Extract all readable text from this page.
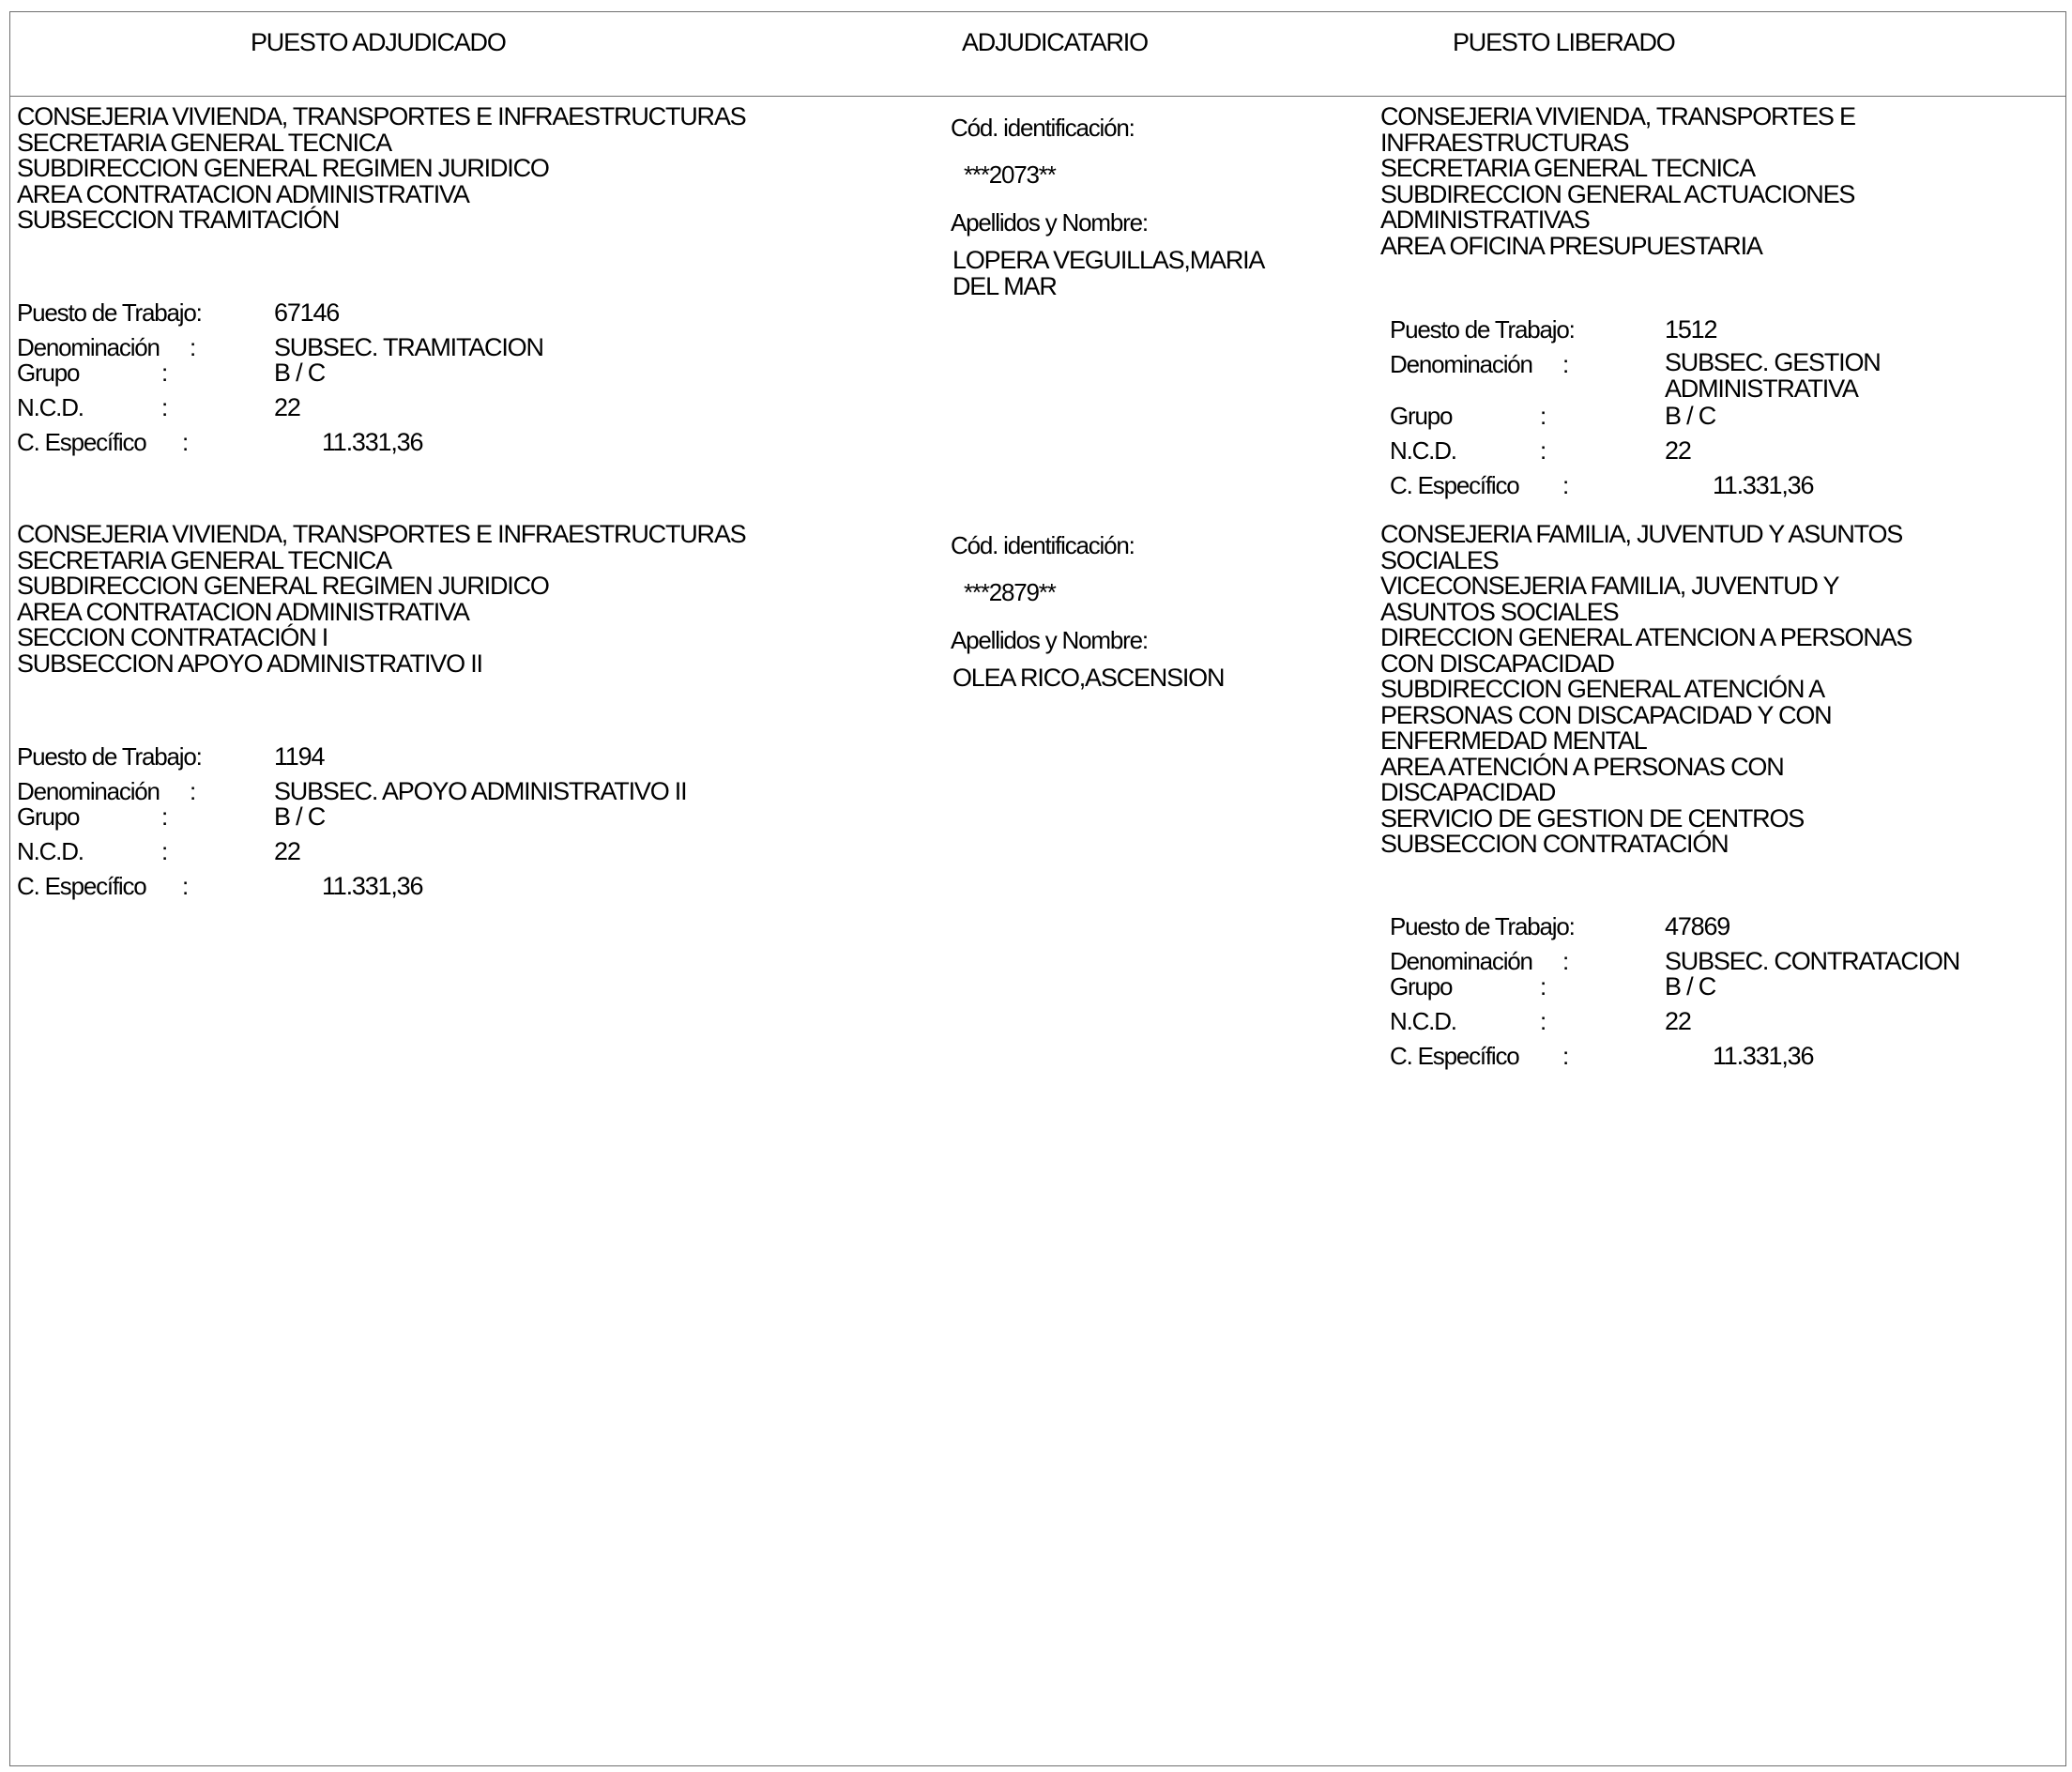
PUESTO ADJUDICADO	ADJUDICATARIO	PUESTO LIBERADO
CONSEJERIA VIVIENDA, TRANSPORTES E INFRAESTRUCTURAS
SECRETARIA GENERAL TECNICA
SUBDIRECCION GENERAL REGIMEN JURIDICO
AREA CONTRATACION ADMINISTRATIVA
SUBSECCION TRAMITACIÓN
Puesto de Trabajo:	67146
Denominación :	SUBSEC. TRAMITACION
Grupo	:	B / C
N.C.D.	:	22
C. Específico :	11.331,36
Cód. identificación:
***2073**
Apellidos y Nombre:
LOPERA VEGUILLAS,MARIA
DEL MAR
CONSEJERIA VIVIENDA, TRANSPORTES E
INFRAESTRUCTURAS
SECRETARIA GENERAL TECNICA
SUBDIRECCION GENERAL ACTUACIONES
ADMINISTRATIVAS
AREA OFICINA PRESUPUESTARIA
Puesto de Trabajo:	1512
Denominación :	SUBSEC. GESTION
ADMINISTRATIVA
Grupo	:	B / C
N.C.D.	:	22
C. Específico :	11.331,36
CONSEJERIA VIVIENDA, TRANSPORTES E INFRAESTRUCTURAS
SECRETARIA GENERAL TECNICA
SUBDIRECCION GENERAL REGIMEN JURIDICO
AREA CONTRATACION ADMINISTRATIVA
SECCION CONTRATACIÓN I
SUBSECCION APOYO ADMINISTRATIVO II
Puesto de Trabajo:	1194
Denominación :	SUBSEC. APOYO ADMINISTRATIVO II
Grupo	:	B / C
N.C.D.	:	22
C. Específico :	11.331,36
Cód. identificación:
***2879**
Apellidos y Nombre:
OLEA RICO,ASCENSION
CONSEJERIA FAMILIA, JUVENTUD Y ASUNTOS
SOCIALES
VICECONSEJERIA FAMILIA, JUVENTUD Y
ASUNTOS SOCIALES
DIRECCION GENERAL ATENCION A PERSONAS
CON DISCAPACIDAD
SUBDIRECCION GENERAL ATENCIÓN A
PERSONAS CON DISCAPACIDAD Y CON
ENFERMEDAD MENTAL
AREA ATENCIÓN A PERSONAS CON
DISCAPACIDAD
SERVICIO DE GESTION DE CENTROS
SUBSECCION CONTRATACIÓN
Puesto de Trabajo:	47869
Denominación :	SUBSEC. CONTRATACION
Grupo	:	B / C
N.C.D.	:	22
C. Específico :	11.331,36
